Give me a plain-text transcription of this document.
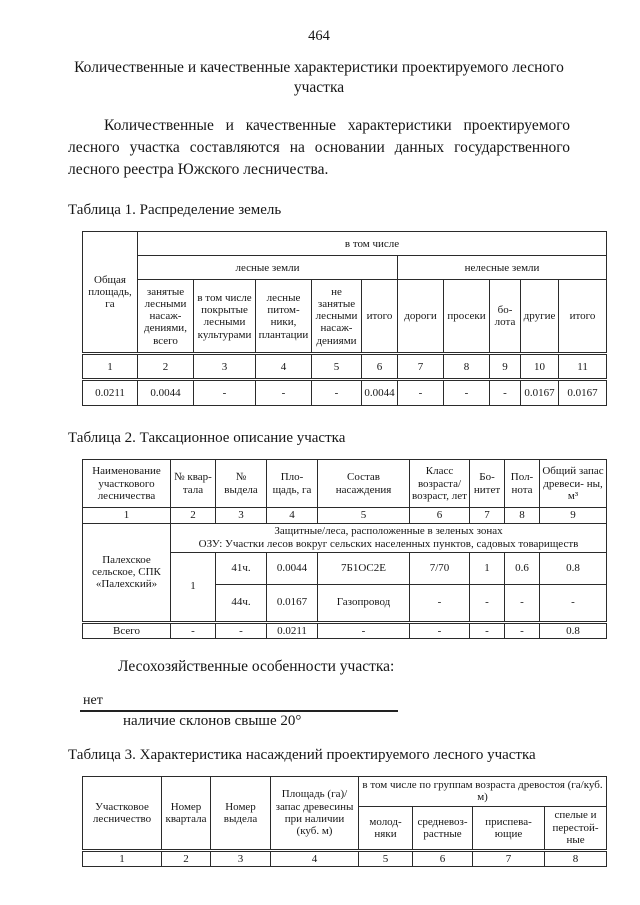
464
Количественные и качественные характеристики проектируемого лесного участка

Количественные и качественные характеристики проектируемого лесного участка составляются на основании данных государственного лесного реестра Южского лесничества.

Таблица 1. Распределение земель
Общая площадь, га	в том числе									
	лесные земли					нелесные земли				
	занятые лесными насаж- дениями, всего	в том числе покрытые лесными культурами	лесные питом- ники, плантации	не занятые лесными насаж- дениями	итого	дороги	просеки	бо- лота	другие	итого
1	2	3	4	5	6	7	8	9	10	11
0.0211	0.0044	-	-	-	0.0044	-	-	-	0.0167	0.0167
Таблица 2. Таксационное описание участка
Наименование участкового лесничества	№ квар- тала	№ выдела	Пло- щадь, га	Состав насаждения	Класс возраста/ возраст, лет	Бо- нитет	Пол- нота	Общий запас древеси- ны, м³
1	2	3	4	5	6	7	8	9
Палехское сельское, СПК «Палехский»	Защитные/леса, расположенные в зеленых зонах
ОЗУ: Участки лесов вокруг сельских населенных пунктов, садовых товариществ							

	1	41ч.	0.0044	7Б1ОС2Е	7/70	1	0.6	0.8
		44ч.	0.0167	Газопровод	-	-	-	-
Всего	-	-	0.0211	-	-	-	-	0.8
Лесохозяйственные особенности участка:
нет
наличие склонов свыше 20°
Таблица 3. Характеристика насаждений проектируемого лесного участка
Участковое лесничество	Номер квартала	Номер выдела	Площадь (га)/запас древесины при наличии (куб. м)	в том числе по группам возраста древостоя (га/куб. м)			
				молод- няки	средневоз- растные	приспева- ющие	спелые и перестой- ные
1	2	3	4	5	6	7	8
